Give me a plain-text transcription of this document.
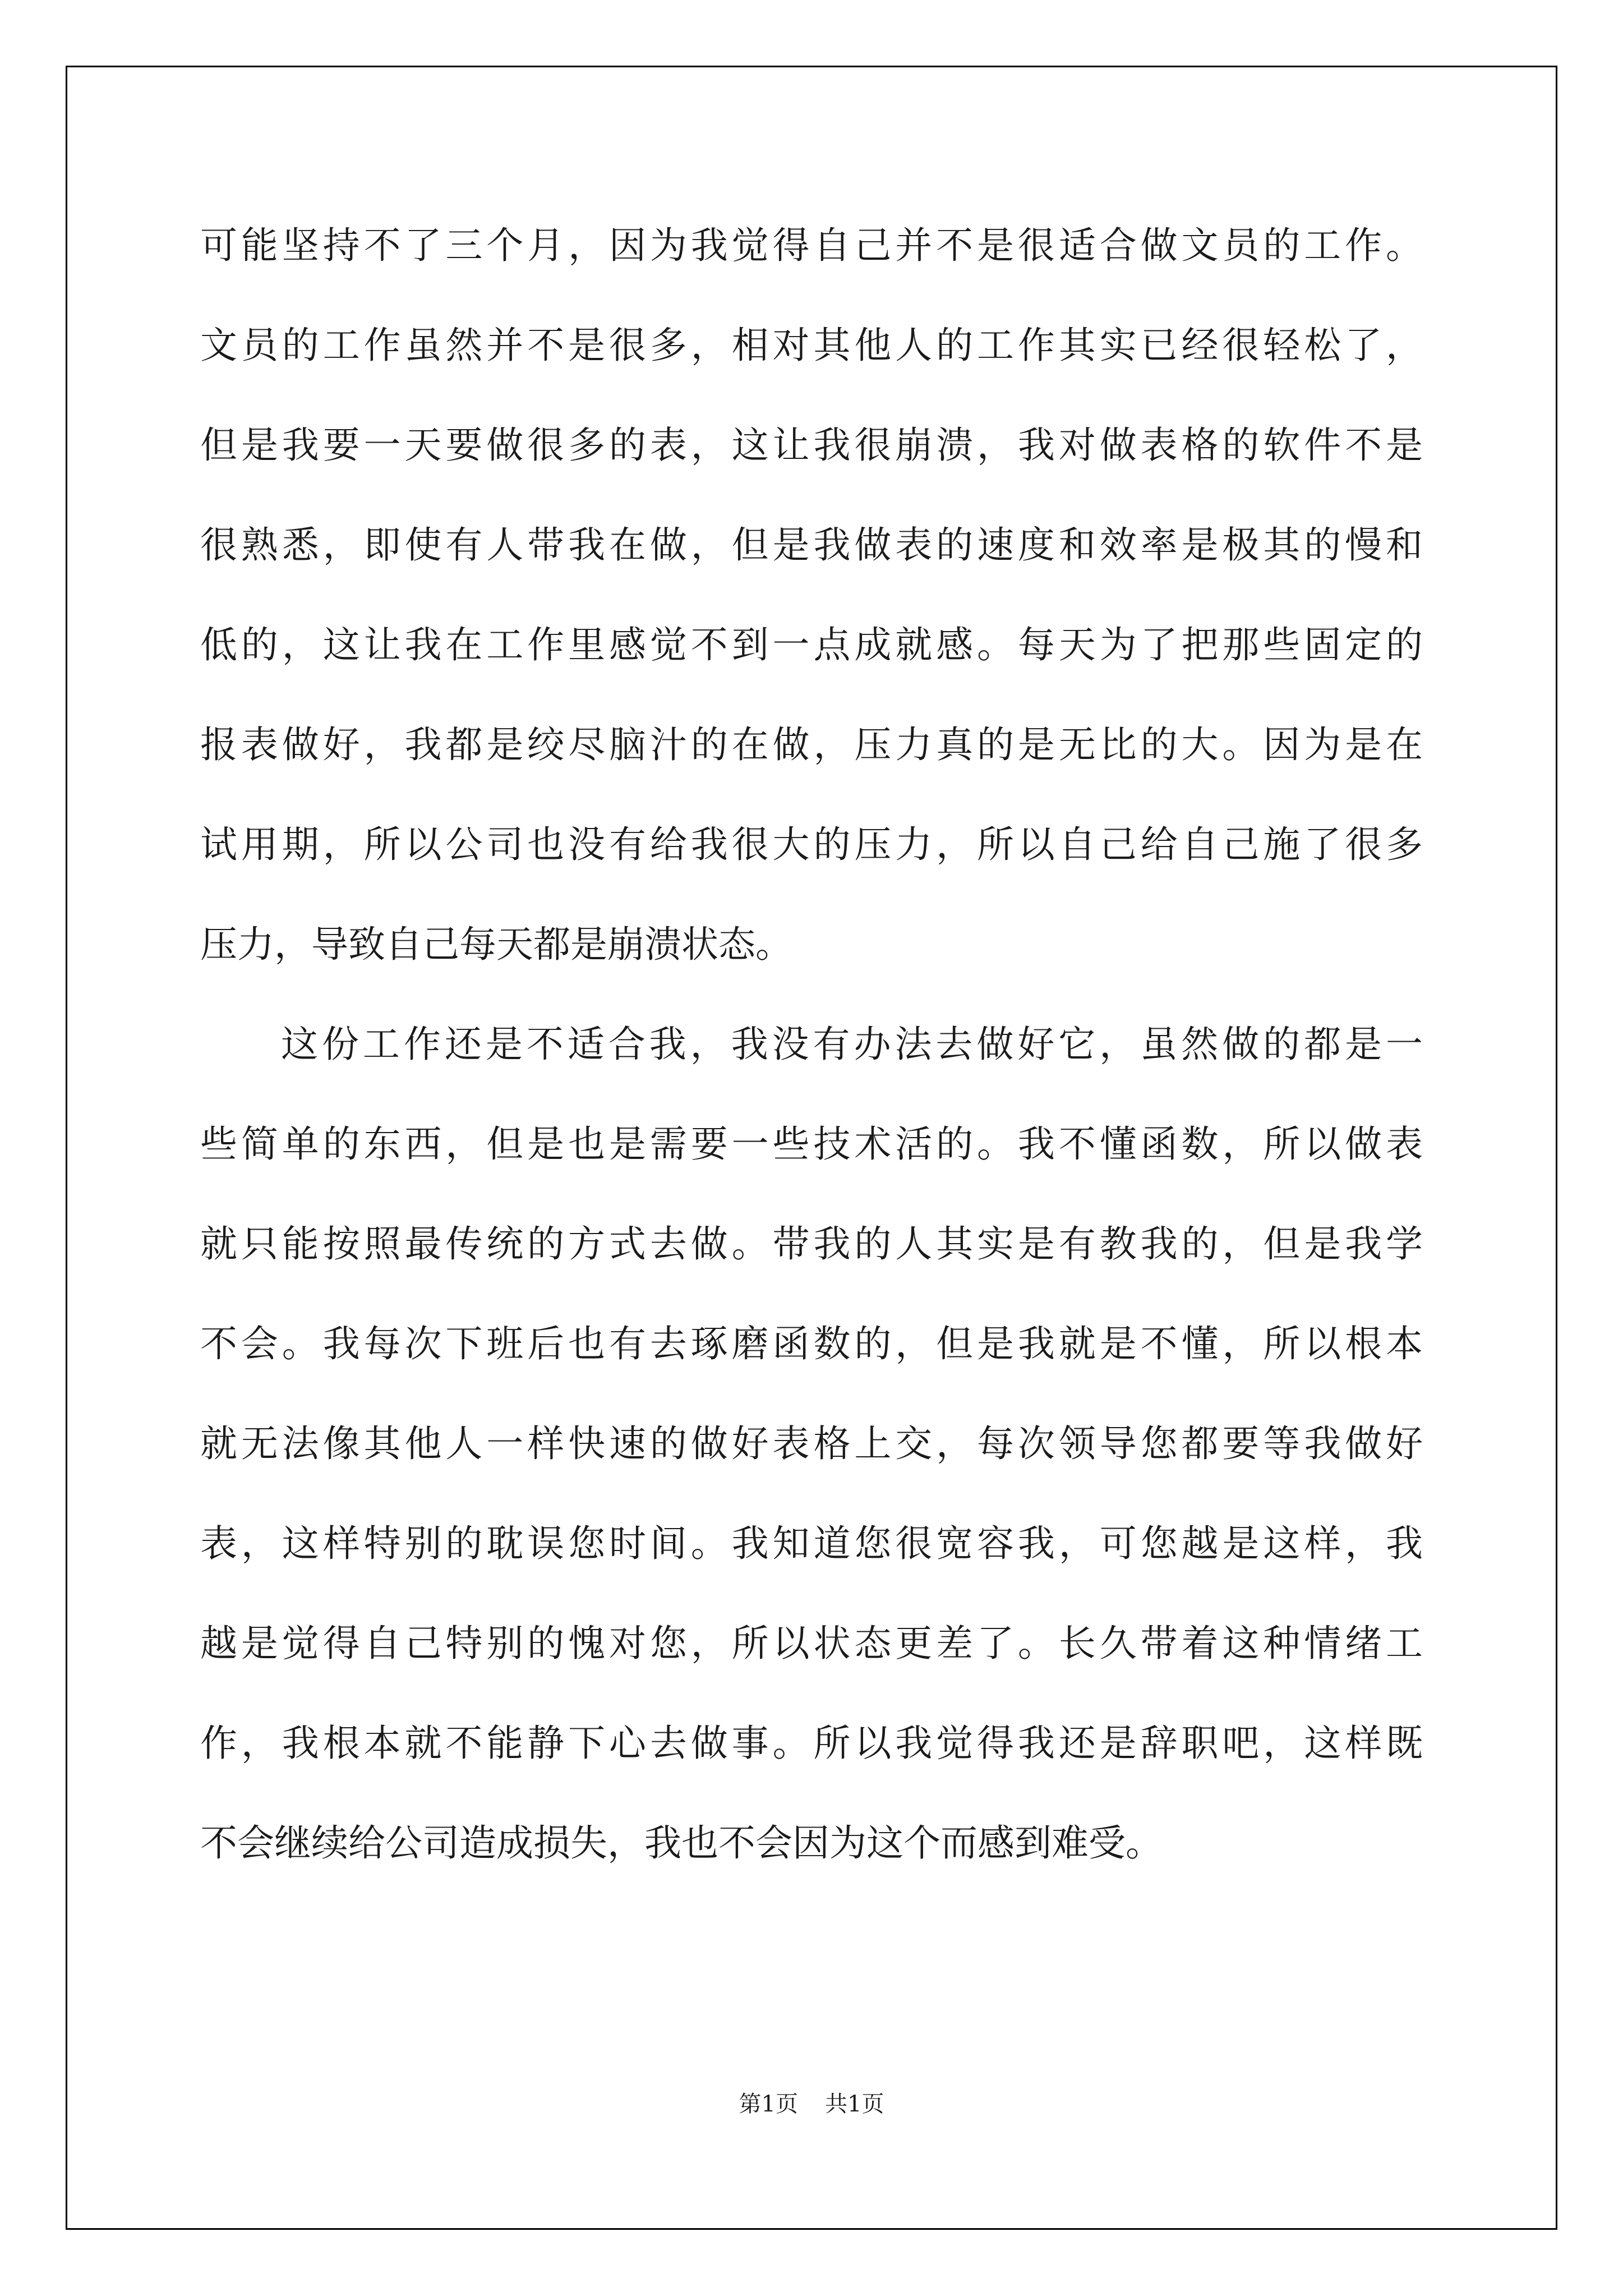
可能坚持不了三个月，因为我觉得自己并不是很适合做文员的工作。
文员的工作虽然并不是很多，相对其他人的工作其实已经很轻松了，
但是我要一天要做很多的表，这让我很崩溃，我对做表格的软件不是
很熟悉，即使有人带我在做，但是我做表的速度和效率是极其的慢和
低的，这让我在工作里感觉不到一点成就感。每天为了把那些固定的
报表做好，我都是绞尽脑汁的在做，压力真的是无比的大。因为是在
试用期，所以公司也没有给我很大的压力，所以自己给自己施了很多
压力，导致自己每天都是崩溃状态。
这份工作还是不适合我，我没有办法去做好它，虽然做的都是一
些简单的东西，但是也是需要一些技术活的。我不懂函数，所以做表
就只能按照最传统的方式去做。带我的人其实是有教我的，但是我学
不会。我每次下班后也有去琢磨函数的，但是我就是不懂，所以根本
就无法像其他人一样快速的做好表格上交，每次领导您都要等我做好
表，这样特别的耽误您时间。我知道您很宽容我，可您越是这样，我
越是觉得自己特别的愧对您，所以状态更差了。长久带着这种情绪工
作，我根本就不能静下心去做事。所以我觉得我还是辞职吧，这样既
不会继续给公司造成损失，我也不会因为这个而感到难受。
第1页 共1页
